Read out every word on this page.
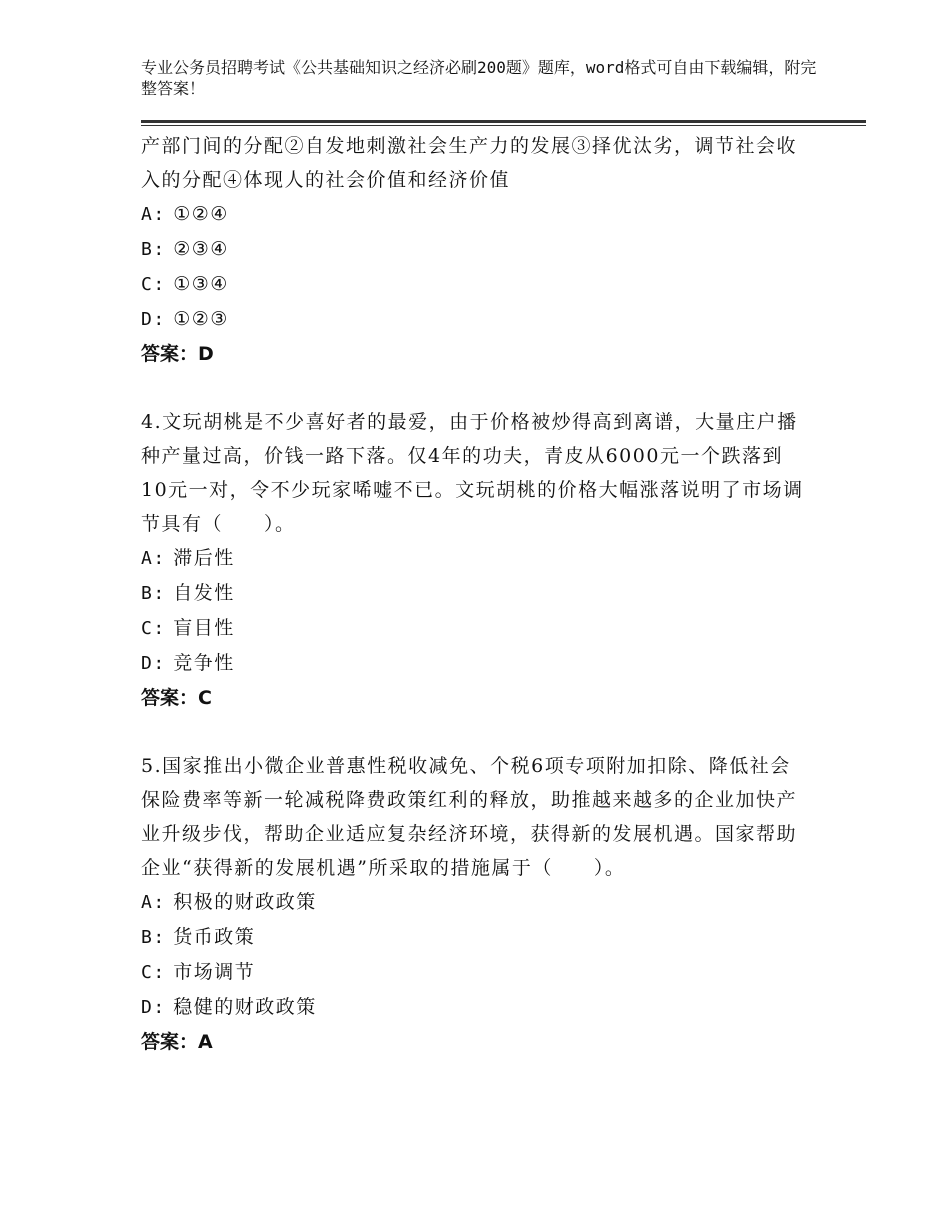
专业公务员招聘考试《公共基础知识之经济必刷200题》题库，word格式可自由下载编辑，附完整答案！

产部门间的分配②自发地刺激社会生产力的发展③择优汰劣，调节社会收入的分配④体现人的社会价值和经济价值

A: ①②④

B: ②③④

C: ①③④

D: ①②③

答案：D

4.文玩胡桃是不少喜好者的最爱，由于价格被炒得高到离谱，大量庄户播种产量过高，价钱一路下落。仅4年的功夫，青皮从6000元一个跌落到10元一对，令不少玩家唏嘘不已。文玩胡桃的价格大幅涨落说明了市场调节具有（　　）。

A: 滞后性

B: 自发性

C: 盲目性

D: 竞争性

答案：C

5.国家推出小微企业普惠性税收减免、个税6项专项附加扣除、降低社会保险费率等新一轮减税降费政策红利的释放，助推越来越多的企业加快产业升级步伐，帮助企业适应复杂经济环境，获得新的发展机遇。国家帮助企业“获得新的发展机遇”所采取的措施属于（　　）。

A: 积极的财政政策

B: 货币政策

C: 市场调节

D: 稳健的财政政策

答案：A
